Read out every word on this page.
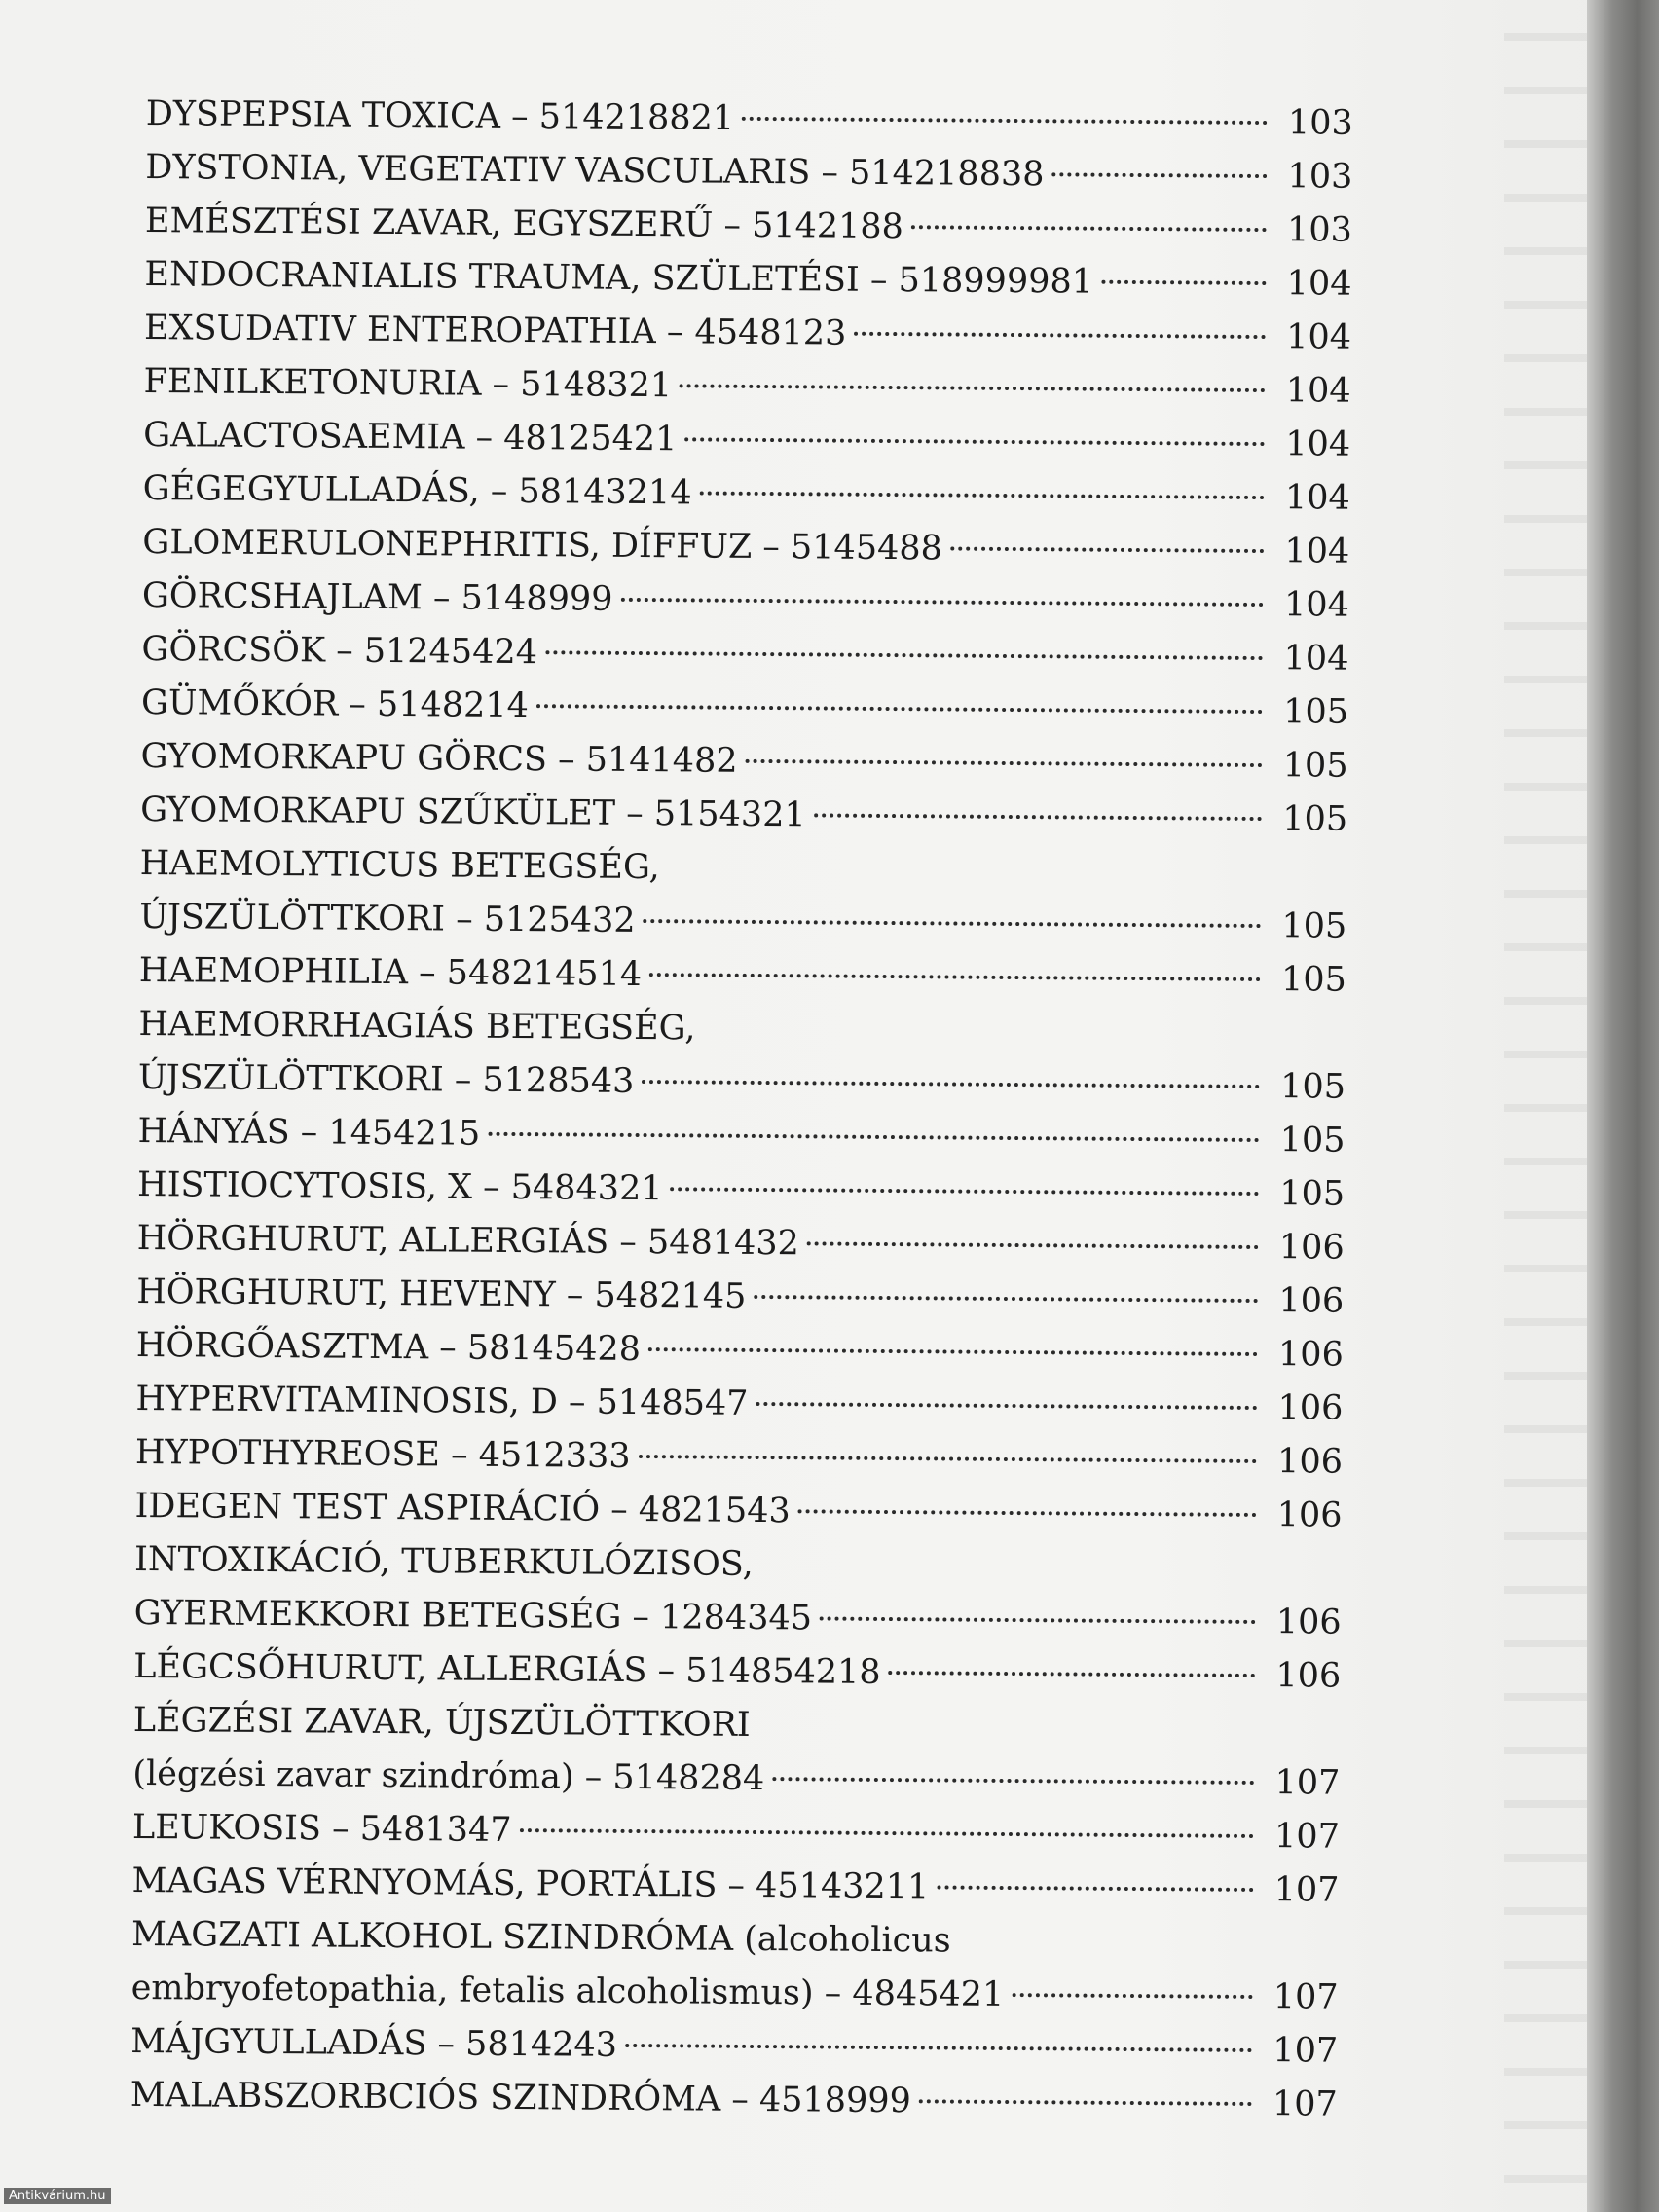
DYSPEPSIA TOXICA – 514218821	103
DYSTONIA, VEGETATIV VASCULARIS – 514218838	103
EMÉSZTÉSI ZAVAR, EGYSZERŰ – 5142188	103
ENDOCRANIALIS TRAUMA, SZÜLETÉSI – 518999981	104
EXSUDATIV ENTEROPATHIA – 4548123	104
FENILKETONURIA – 5148321	104
GALACTOSAEMIA – 48125421	104
GÉGEGYULLADÁS, – 58143214	104
GLOMERULONEPHRITIS, DÍFFUZ – 5145488	104
GÖRCSHAJLAM – 5148999	104
GÖRCSÖK – 51245424	104
GÜMŐKÓR – 5148214	105
GYOMORKAPU GÖRCS – 5141482	105
GYOMORKAPU SZŰKÜLET – 5154321	105
HAEMOLYTICUS BETEGSÉG,
ÚJSZÜLÖTTKORI – 5125432	105
HAEMOPHILIA – 548214514	105
HAEMORRHAGIÁS BETEGSÉG,
ÚJSZÜLÖTTKORI – 5128543	105
HÁNYÁS – 1454215	105
HISTIOCYTOSIS, X – 5484321	105
HÖRGHURUT, ALLERGIÁS – 5481432	106
HÖRGHURUT, HEVENY – 5482145	106
HÖRGŐASZTMA – 58145428	106
HYPERVITAMINOSIS, D – 5148547	106
HYPOTHYREOSE – 4512333	106
IDEGEN TEST ASPIRÁCIÓ – 4821543	106
INTOXIKÁCIÓ, TUBERKULÓZISOS,
GYERMEKKORI BETEGSÉG – 1284345	106
LÉGCSŐHURUT, ALLERGIÁS – 514854218	106
LÉGZÉSI ZAVAR, ÚJSZÜLÖTTKORI
(légzési zavar szindróma) – 5148284	107
LEUKOSIS – 5481347	107
MAGAS VÉRNYOMÁS, PORTÁLIS – 45143211	107
MAGZATI ALKOHOL SZINDRÓMA (alcoholicus
embryofetopathia, fetalis alcoholismus) – 4845421	107
MÁJGYULLADÁS – 5814243	107
MALABSZORBCIÓS SZINDRÓMA – 4518999	107
Antikvárium.hu
